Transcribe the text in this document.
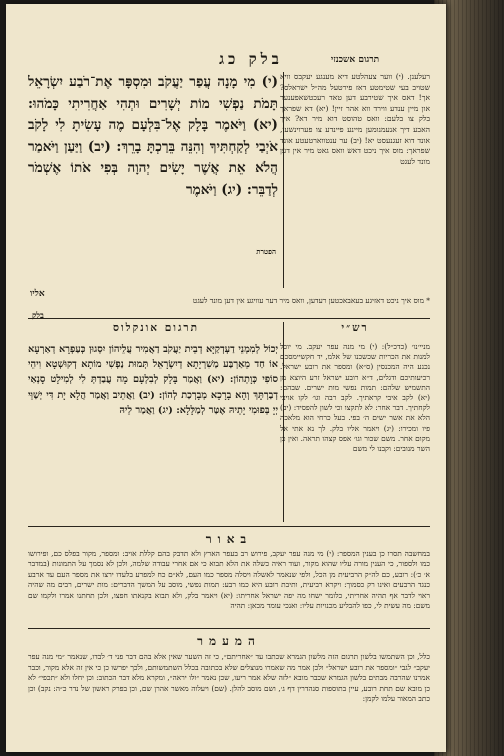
בלק כג	תרגום אשכנזי
(י) מִי מָנָה עֲפַר יַעֲקֹב וּמִסְפָּר אֶת־רֹבַע יִשְׂרָאֵל תָּמֹת נַפְשִׁי מוֹת יְשָׁרִים וּתְהִי אַחֲרִיתִי כָּמֹהוּ: (יא) וַיֹּאמֶר בָּלָק אֶל־בִּלְעָם מֶה עָשִׂיתָ לִי לָקֹב אֹיְבַי לְקַחְתִּיךָ וְהִנֵּה בֵּרַכְתָּ בָרֵךְ: (יב) וַיַּעַן וַיֹּאמַר הֲלֹא אֵת אֲשֶׁר יָשִׂים יְהוָה בְּפִי אֹתוֹ אֶשְׁמֹר לְדַבֵּר: (יג) וַיֹּאמֶר
רעלענן. (י) ווער צעהלטע דיא מענגע יעקבס וויא שטויב בעי שטימטע דאז פירטעל מה״ל ישראלס? אך! דאס איך שטירבע דען טאד רעכטשאפענער און מיין ענדע ווירד ווא אהר זיין! (יא) דא שפראך בלק צו בלעם: וואס טהוסט דוא מיר דא? איך האבע דיך אנעמנומען מיינע פיינדע צו פערוינשען, אונד דוא זעגנעסט יא! (יב) ער ענטווארטעטע אונד שפראך: מוס איך ניכט דאש וואס גאט מיר אין דען מונד לעגט
הפטרת
אליו
* מוס איך ניכט דאזיגע בעאבאכטען רעדען, וואס מיר דער עוויגע אין דען מונד לעגט
בלק
תרגום אונקלוס	רש״י
יְכוֹל לְמִמְנֵי דַעְדְקַיָּא דְבֵית יַעֲקֹב דַאֲמִיר עֲלֵיהוֹן יִסְגוּן כְּעַפְרָא דְאַרְעָא אוֹ חַד מֵאַרְבַּע מַשִׁרְיָתָא דְיִשְׂרָאֵל תְּמוּת נַפְשִׁי מוֹתָא דְקוּשְׁטָא וִיהֵי סוֹפִי כְּוָתְהוֹן: (יא) וַאֲמַר בָּלָק לְבִלְעָם מָה עֲבַדְתְּ לִי לְמִילָט סָנְאַי דְבַרְתָּךְ וְהָא בָרָכָא מְבָרְכַת לְהוֹן: (יב) וַאֲתֵיב וַאֲמַר הֲלָא יָת דִּי יְשַׁוֵּי יְיָ בְּפוּמִי יָתֵיהּ אֶטַּר לְמַלָּלָא: (יג) וַאֲמַר לֵיהּ
מניי׳נו׳ (כדכ״ל): (י) מי מנה עפר יעקב. מי יוכל למנות את הכריות שכשכנו של אלמ, יד חקשיימסכם נכנע היה המכנסין (ס״א) ומספר את רובע ישראל. רכיעותיכם ודגלים, ד״א רובע ישראל זרע היוצא מן התשמיש שלהם: תמות נפשי מות ישרים. שבהם: (יא) לקב איבי קראתיך. לקב רבה וגו׳ לקו אויבי לקחתיך. דבר אחר: לא לתקצו וכי לשון להפסיד: (יב) הלא את אשר ישים ה׳ בפי. בעל כרחי הוא מלאכה פיו ומכירו: (יג) ויאמר אליו בלק. לך נא אתי אל מקום אחר. משם שכור וגו׳ אפס קצהו תראה. ואין כן השר מנובים: וקבנו לי משם
באור
במחשבה תסרו כן בענין המספר: (י) מי מנה עפר יעקב, פירוש רב בעפר הארץ ולא תדבק בהם קללת אויב: ומספר, מקור בפלס כם, ופירושו כמו ולספור, כי הענין מורה עליו שהוא מקור, ועוד ראיה כשלה את הלא תבוא כי אם אחרי עבודה שלמה, ולכן לא נסמך על התמונות (במדבר א׳ כ׳): רובע, כם לה״ק הרביעית מן הכל, ולפי שנאמר לאשלה ויסלה מספר כמו העם, לא״ם כח למפרע בלעדו ירצו את מספר העם עד ארבע כנגד הרבעים ואינו רק כסמוך: ויקרא רביעית, ותיבת רובע היא כמו רבע: תמות נפשי, מוסב על המשך הדברים: מות ישרים, רבים מה שהיה ראוי לדבר אף תהיה אחריתי, כלומר ישחו מה יפה ישראל אחריתו: (יא) ויאמר בלק, ולא תבוא בקנאתו חפצו, ולכן תחתנו אמרו ולקמו שם משם: מה עשית לי, כפו להבליע מכנויות עליו: ואנכי עומד מכאן: תהיה
המעמר
כלל, וכן השתמשו בלשון תרגום הזה מלשון הגמרא שכתבו עד ״אחריתם״, כי זה השער שאין אלא בהם דבר פני ד׳ לבדו, שנאמר ״מי מנה עפר יעקב״ לגבי ״ומספר את רובע ישראל״ ולכן אמר מה שאמרו מנוצלים שלא בכתובה בכלל השתמשותם, ולכך יפרשו כן כי אין זה אלא מקור, וכבר אמרנו שהרבה מבתים בלשון הגמרא שכבר מובא ״לזה שלא אמר ריעו, שכן נאמר ״ולו יראה״, ומקרא מלא דבר הכתוב: וכן יחלו ולא ״תכפי״ לא כן מובא שם תחת רובע, עיין בתוספות סנהדרין דף ג׳, ושם מוסב להלן. (שם) ויעלוה מאשר אהרן שם, וכן בפרק ראשון של נדר כ״ה: נקב) וכן כתב המאור עלמו לקמן:
